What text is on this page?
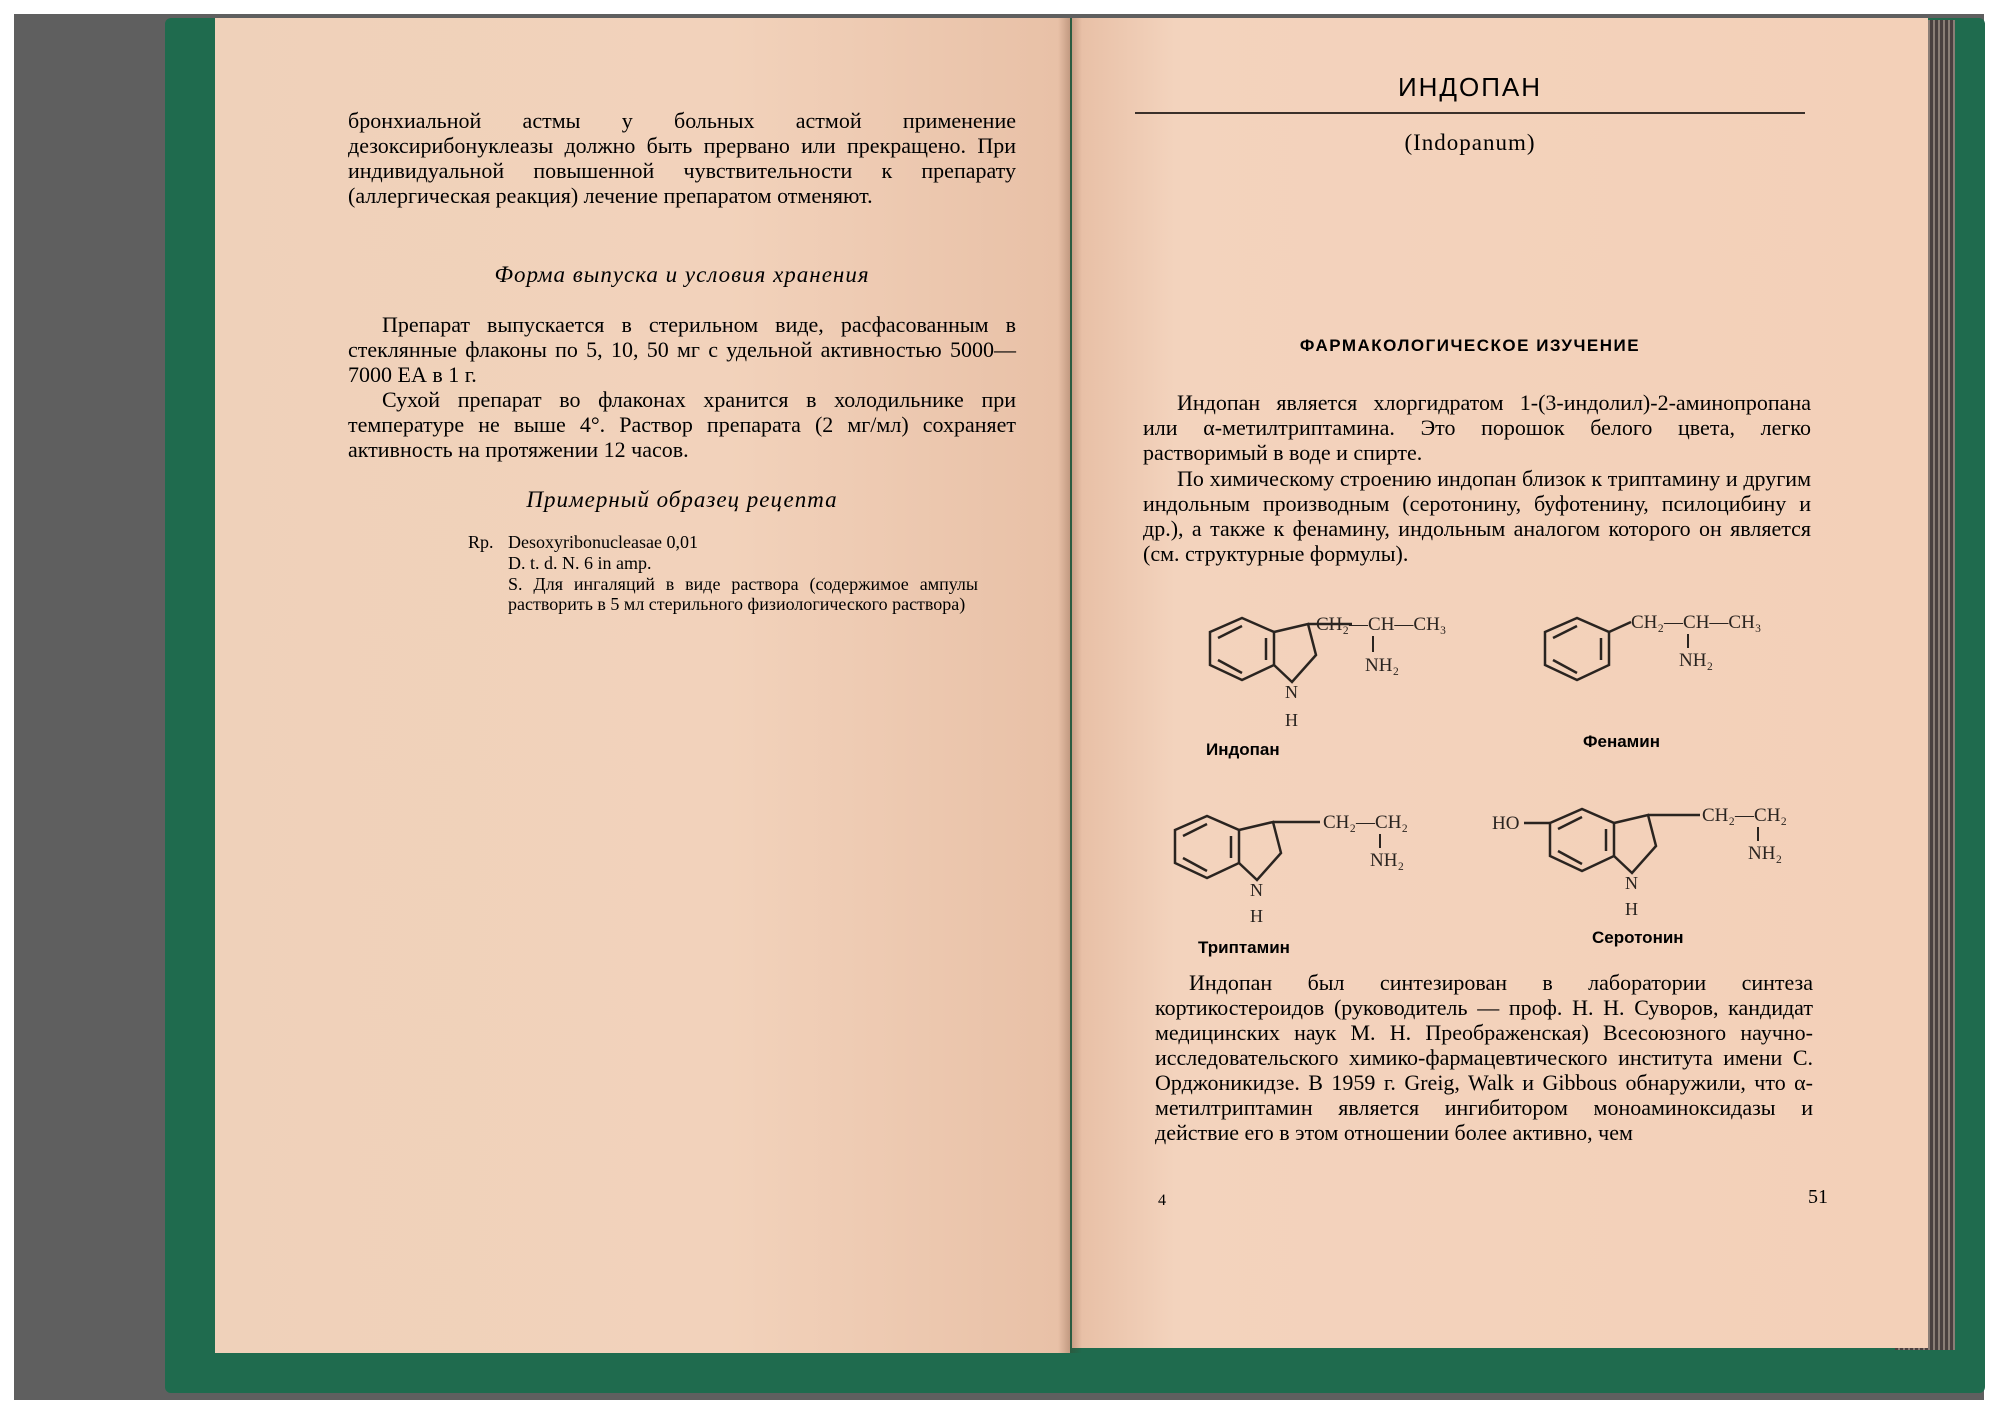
бронхиальной астмы у больных астмой применение дезоксирибонуклеазы должно быть прервано или прекращено. При индивидуальной повышенной чувствительности к препарату (аллергическая реакция) лечение препаратом отменяют.

Форма выпуска и условия хранения

Препарат выпускается в стерильном виде, расфасованным в стеклянные флаконы по 5, 10, 50 мг с удельной активностью 5000—7000 ЕА в 1 г.

Сухой препарат во флаконах хранится в холодильнике при температуре не выше 4°. Раствор препарата (2 мг/мл) сохраняет активность на протяжении 12 часов.

Примерный образец рецепта
Rp. Desoxyribonucleasae 0,01
D. t. d. N. 6 in amp.
S. Для ингаляций в виде раствора (содержимое ампулы растворить в 5 мл стерильного физиологического раствора)
ИНДОПАН
(Indopanum)
ФАРМАКОЛОГИЧЕСКОЕ ИЗУЧЕНИЕ

Индопан является хлоргидратом 1-(3-индолил)-2-аминопропана или α-метилтриптамина. Это порошок белого цвета, легко растворимый в воде и спирте.

По химическому строению индопан близок к триптамину и другим индольным производным (серотонину, буфотенину, псилоцибину и др.), а также к фенамину, индольным аналогом которого он является (см. структурные формулы).

N
H
CH₂—CH—CH₃
NH₂
Индопан
CH₂—CH—CH₃
NH₂
Фенамин
N
H
CH₂—CH₂
NH₂
Триптамин
HO
N
H
CH₂—CH₂
NH₂
Серотонин

Индопан был синтезирован в лаборатории синтеза кортикостероидов (руководитель — проф. Н. Н. Суворов, кандидат медицинских наук М. Н. Преображенская) Всесоюзного научно-исследовательского химико-фармацевтического института имени С. Орджоникидзе. В 1959 г. Greig, Walk и Gibbous обнаружили, что α-метилтриптамин является ингибитором моноаминоксидазы и действие его в этом отношении более активно, чем

4	51
